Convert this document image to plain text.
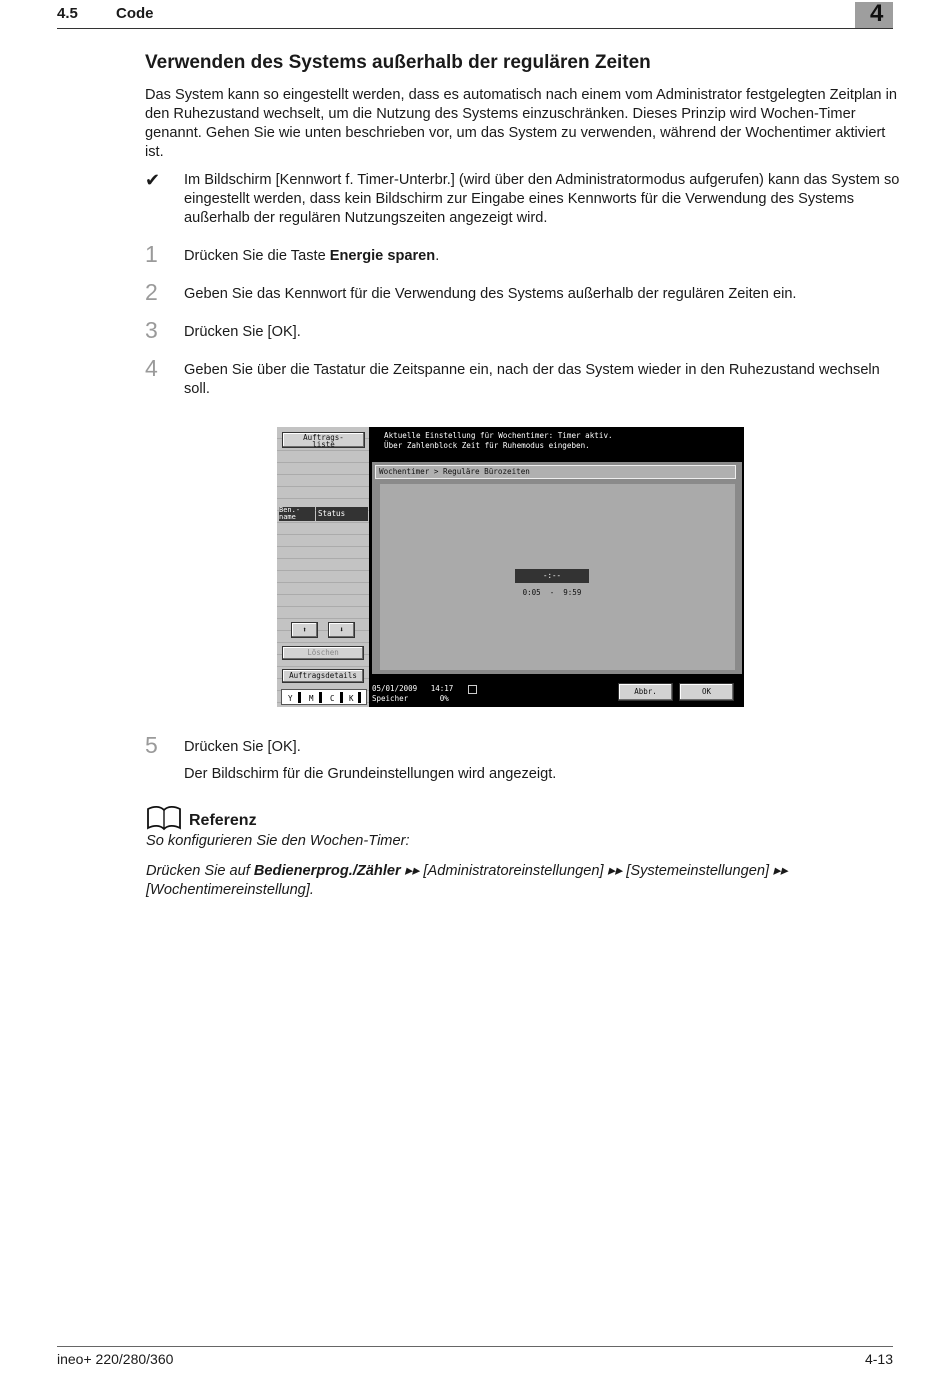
4.5	Code	4
Verwenden des Systems außerhalb der regulären Zeiten
Das System kann so eingestellt werden, dass es automatisch nach einem vom Administrator festgelegten Zeitplan in den Ruhezustand wechselt, um die Nutzung des Systems einzuschränken. Dieses Prinzip wird Wochen-Timer genannt. Gehen Sie wie unten beschrieben vor, um das System zu verwenden, während der Wochentimer aktiviert ist.
✔ Im Bildschirm [Kennwort f. Timer-Unterbr.] (wird über den Administratormodus aufgerufen) kann das System so eingestellt werden, dass kein Bildschirm zur Eingabe eines Kennworts für die Verwendung des Systems außerhalb der regulären Nutzungszeiten angezeigt wird.
1 Drücken Sie die Taste Energie sparen.
2 Geben Sie das Kennwort für die Verwendung des Systems außerhalb der regulären Zeiten ein.
3 Drücken Sie [OK].
4 Geben Sie über die Tastatur die Zeitspanne ein, nach der das System wieder in den Ruhezustand wechseln soll.
Auftrags-
liste
Ben.-
name	Status
⬆	⬇
Löschen
Auftragsdetails
Y M C K
Aktuelle Einstellung für Wochentimer: Timer aktiv. Über Zahlenblock Zeit für Ruhemodus eingeben.
Wochentimer > Reguläre Bürozeiten
-:--
0:05  -  9:59
05/01/2009   14:17
Speicher       0%
Abbr.	OK
5 Drücken Sie [OK].
Der Bildschirm für die Grundeinstellungen wird angezeigt.
Referenz
So konfigurieren Sie den Wochen-Timer:
Drücken Sie auf Bedienerprog./Zähler ▸▸ [Administratoreinstellungen] ▸▸ [Systemeinstellungen] ▸▸ [Wochentimereinstellung].
ineo+ 220/280/360	4-13
